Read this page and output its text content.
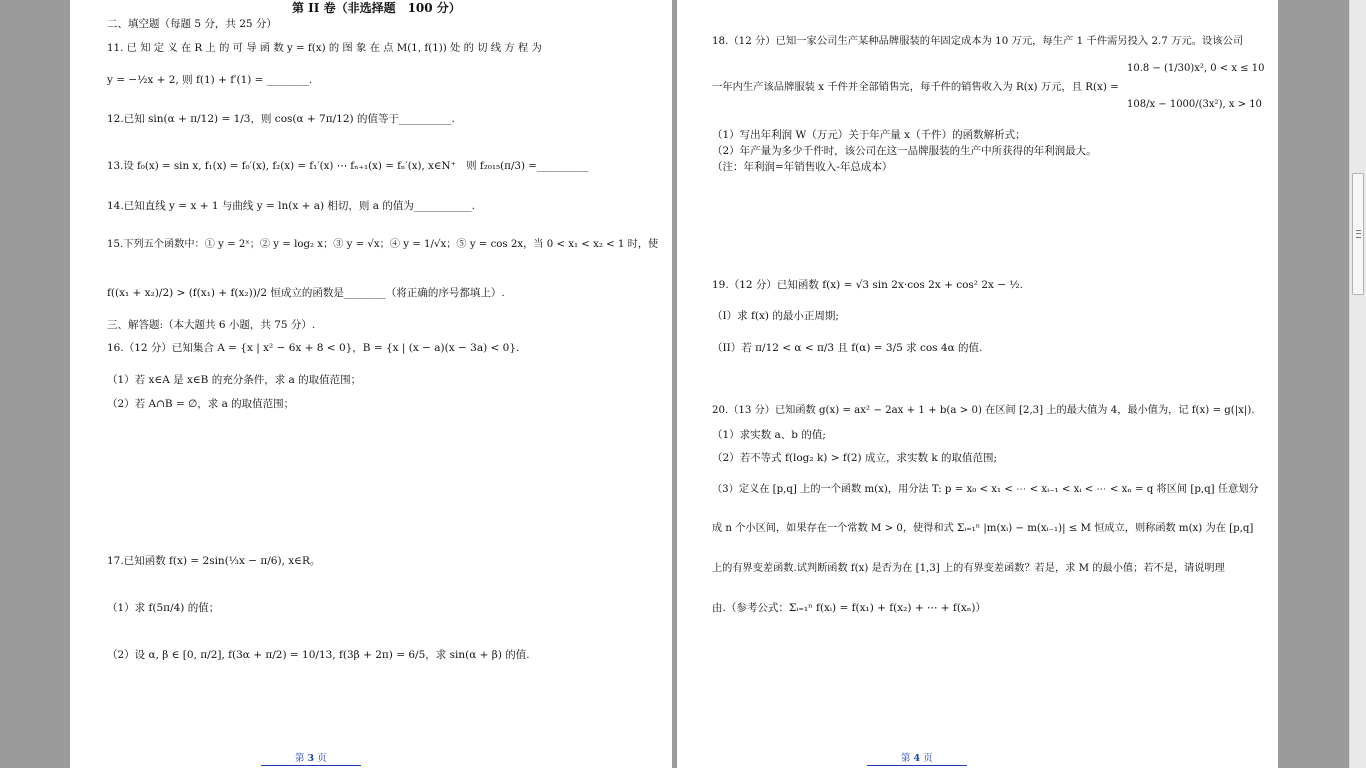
第 II 卷（非选择题　100 分）
二、填空题（每题 5 分，共 25 分）
11. 已 知 定 义 在 R 上 的 可 导 函 数 y = f(x) 的 图 象 在 点 M(1, f(1)) 处 的 切 线 方 程 为
y = −½x + 2, 则 f(1) + f′(1) = ________.
12.已知 sin(α + π/12) = 1/3，则 cos(α + 7π/12) 的值等于__________.
13.设 f₀(x) = sin x, f₁(x) = f₀′(x), f₂(x) = f₁′(x) ⋯ fₙ₊₁(x) = fₙ′(x), x∈N⁺　则 f₂₀₁₅(π/3) =__________
14.已知直线 y = x + 1 与曲线 y = ln(x + a) 相切，则 a 的值为___________.
15.下列五个函数中：① y = 2ˣ；② y = log₂ x；③ y = √x；④ y = 1/√x；⑤ y = cos 2x，当 0 < x₁ < x₂ < 1 时，使
f((x₁ + x₂)/2) > (f(x₁) + f(x₂))/2 恒成立的函数是________（将正确的序号都填上）.
三、解答题:（本大题共 6 小题，共 75 分）.
16.（12 分）已知集合 A = {x | x² − 6x + 8 < 0}，B = {x | (x − a)(x − 3a) < 0}.
（1）若 x∈A 是 x∈B 的充分条件，求 a 的取值范围；
（2）若 A∩B = ∅，求 a 的取值范围；
17.已知函数 f(x) = 2sin(⅓x − π/6), x∈R。
（1）求 f(5π/4) 的值；
（2）设 α, β ∈ [0, π/2], f(3α + π/2) = 10/13, f(3β + 2π) = 6/5，求 sin(α + β) 的值.
第 3 页
18.（12 分）已知一家公司生产某种品牌服装的年固定成本为 10 万元，每生产 1 千件需另投入 2.7 万元。设该公司
10.8 − (1/30)x², 0 < x ≤ 10
一年内生产该品牌服装 x 千件并全部销售完，每千件的销售收入为 R(x) 万元，且 R(x) =
108/x − 1000/(3x²), x > 10
（1）写出年利润 W（万元）关于年产量 x（千件）的函数解析式；
（2）年产量为多少千件时，该公司在这一品牌服装的生产中所获得的年利润最大。
（注：年利润=年销售收入-年总成本）
19.（12 分）已知函数 f(x) = √3 sin 2x·cos 2x + cos² 2x − ½.
（I）求 f(x) 的最小正周期;
（II）若 π/12 < α < π/3 且 f(α) = 3/5 求 cos 4α 的值.
20.（13 分）已知函数 g(x) = ax² − 2ax + 1 + b(a > 0) 在区间 [2,3] 上的最大值为 4，最小值为，记 f(x) = g(|x|).
（1）求实数 a、b 的值;
（2）若不等式 f(log₂ k) > f(2) 成立，求实数 k 的取值范围;
（3）定义在 [p,q] 上的一个函数 m(x)，用分法 T: p = x₀ < x₁ < ⋯ < xᵢ₋₁ < xᵢ < ⋯ < xₙ = q 将区间 [p,q] 任意划分
成 n 个小区间，如果存在一个常数 M > 0，使得和式 Σᵢ₌₁ⁿ |m(xᵢ) − m(xᵢ₋₁)| ≤ M 恒成立，则称函数 m(x) 为在 [p,q]
上的有界变差函数.试判断函数 f(x) 是否为在 [1,3] 上的有界变差函数？若是，求 M 的最小值；若不是，请说明理
由.（参考公式：Σᵢ₌₁ⁿ f(xᵢ) = f(x₁) + f(x₂) + ⋯ + f(xₙ)）
第 4 页
